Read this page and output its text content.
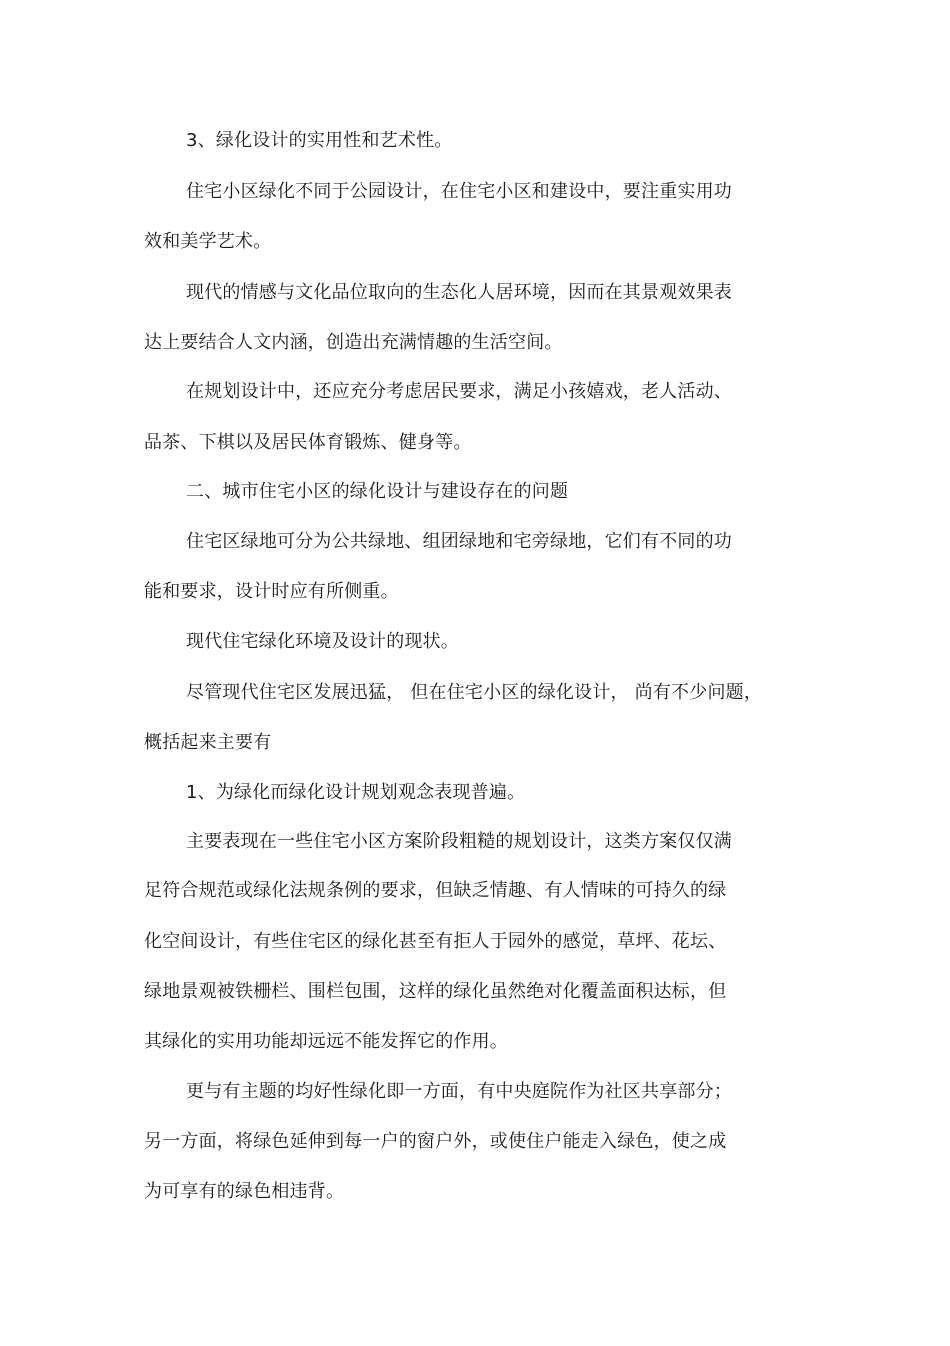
3、绿化设计的实用性和艺术性。
住宅小区绿化不同于公园设计，在住宅小区和建设中，要注重实用功
效和美学艺术。
现代的情感与文化品位取向的生态化人居环境，因而在其景观效果表
达上要结合人文内涵，创造出充满情趣的生活空间。
在规划设计中，还应充分考虑居民要求，满足小孩嬉戏，老人活动、
品茶、下棋以及居民体育锻炼、健身等。
二、城市住宅小区的绿化设计与建设存在的问题
住宅区绿地可分为公共绿地、组团绿地和宅旁绿地，它们有不同的功
能和要求，设计时应有所侧重。
现代住宅绿化环境及设计的现状。
尽管现代住宅区发展迅猛， 但在住宅小区的绿化设计， 尚有不少问题，
概括起来主要有
1、为绿化而绿化设计规划观念表现普遍。
主要表现在一些住宅小区方案阶段粗糙的规划设计，这类方案仅仅满
足符合规范或绿化法规条例的要求，但缺乏情趣、有人情味的可持久的绿
化空间设计，有些住宅区的绿化甚至有拒人于园外的感觉，草坪、花坛、
绿地景观被铁栅栏、围栏包围，这样的绿化虽然绝对化覆盖面积达标，但
其绿化的实用功能却远远不能发挥它的作用。
更与有主题的均好性绿化即一方面，有中央庭院作为社区共享部分；
另一方面，将绿色延伸到每一户的窗户外，或使住户能走入绿色，使之成
为可享有的绿色相违背。
